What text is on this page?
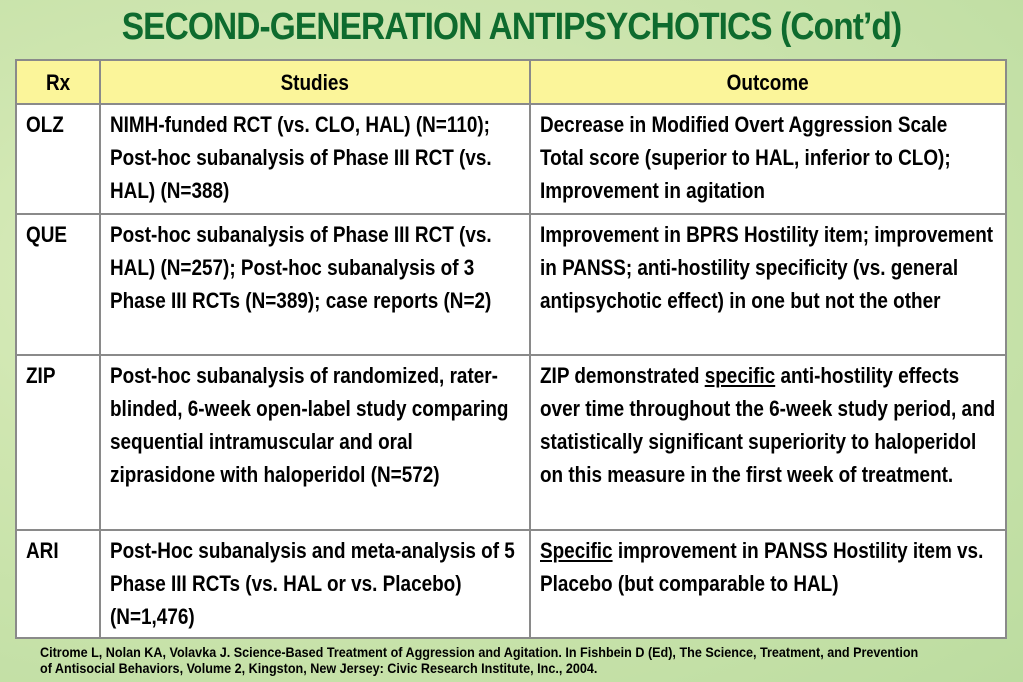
SECOND-GENERATION ANTIPSYCHOTICS (Cont’d)
Rx	Studies	Outcome
OLZ	NIMH-funded RCT (vs. CLO, HAL) (N=110); Post-hoc subanalysis of Phase III RCT (vs. HAL) (N=388)	Decrease in Modified Overt Aggression Scale Total score (superior to HAL, inferior to CLO); Improvement in agitation
QUE	Post-hoc subanalysis of Phase III RCT (vs. HAL) (N=257); Post-hoc subanalysis of 3 Phase III RCTs (N=389); case reports (N=2)	Improvement in BPRS Hostility item; improvement in PANSS; anti-hostility specificity (vs. general antipsychotic effect) in one but not the other
ZIP	Post-hoc subanalysis of randomized, rater-blinded, 6-week open-label study comparing sequential intramuscular and oral ziprasidone with haloperidol (N=572)	ZIP demonstrated specific anti-hostility effects over time throughout the 6-week study period, and statistically significant superiority to haloperidol on this measure in the first week of treatment.
ARI	Post-Hoc subanalysis and meta-analysis of 5 Phase III RCTs (vs. HAL or vs. Placebo) (N=1,476)	Specific improvement in PANSS Hostility item vs. Placebo (but comparable to HAL)
Citrome L, Nolan KA, Volavka J. Science-Based Treatment of Aggression and Agitation. In Fishbein D (Ed), The Science, Treatment, and Prevention of Antisocial Behaviors, Volume 2, Kingston, New Jersey: Civic Research Institute, Inc., 2004.
